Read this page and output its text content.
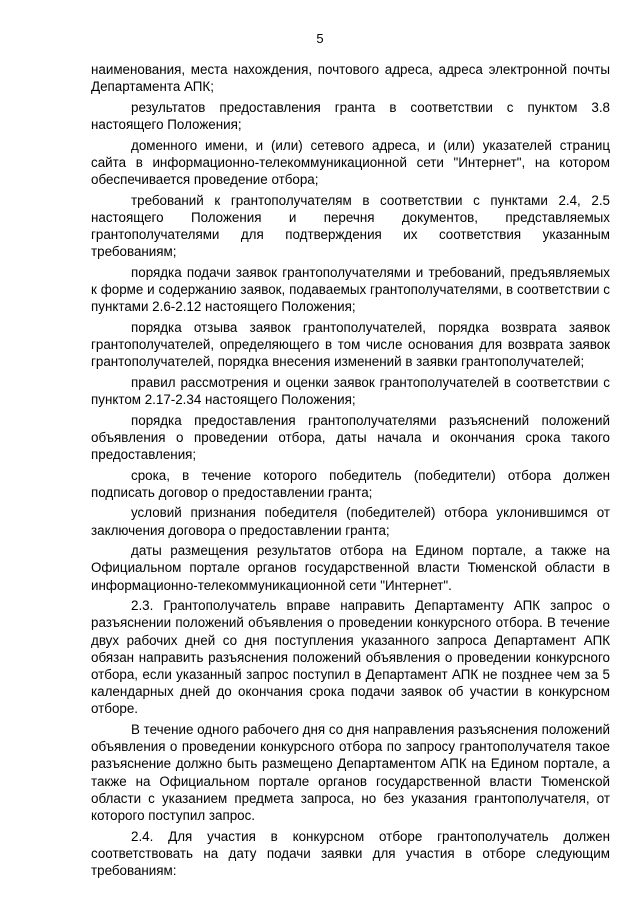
5

наименования, места нахождения, почтового адреса, адреса электронной почты Департамента АПК;

результатов предоставления гранта в соответствии с пунктом 3.8 настоящего Положения;

доменного имени, и (или) сетевого адреса, и (или) указателей страниц сайта в информационно-телекоммуникационной сети "Интернет", на котором обеспечивается проведение отбора;

требований к грантополучателям в соответствии с пунктами 2.4, 2.5 настоящего Положения и перечня документов, представляемых грантополучателями для подтверждения их соответствия указанным требованиям;

порядка подачи заявок грантополучателями и требований, предъявляемых к форме и содержанию заявок, подаваемых грантополучателями, в соответствии с пунктами 2.6-2.12 настоящего Положения;

порядка отзыва заявок грантополучателей, порядка возврата заявок грантополучателей, определяющего в том числе основания для возврата заявок грантополучателей, порядка внесения изменений в заявки грантополучателей;

правил рассмотрения и оценки заявок грантополучателей в соответствии с пунктом 2.17-2.34 настоящего Положения;

порядка предоставления грантополучателями разъяснений положений объявления о проведении отбора, даты начала и окончания срока такого предоставления;

срока, в течение которого победитель (победители) отбора должен подписать договор о предоставлении гранта;

условий признания победителя (победителей) отбора уклонившимся от заключения договора о предоставлении гранта;

даты размещения результатов отбора на Едином портале, а также на Официальном портале органов государственной власти Тюменской области в информационно-телекоммуникационной сети "Интернет".

2.3. Грантополучатель вправе направить Департаменту АПК запрос о разъяснении положений объявления о проведении конкурсного отбора. В течение двух рабочих дней со дня поступления указанного запроса Департамент АПК обязан направить разъяснения положений объявления о проведении конкурсного отбора, если указанный запрос поступил в Департамент АПК не позднее чем за 5 календарных дней до окончания срока подачи заявок об участии в конкурсном отборе.

В течение одного рабочего дня со дня направления разъяснения положений объявления о проведении конкурсного отбора по запросу грантополучателя такое разъяснение должно быть размещено Департаментом АПК на Едином портале, а также на Официальном портале органов государственной власти Тюменской области с указанием предмета запроса, но без указания грантополучателя, от которого поступил запрос.

2.4. Для участия в конкурсном отборе грантополучатель должен соответствовать на дату подачи заявки для участия в отборе следующим требованиям:
